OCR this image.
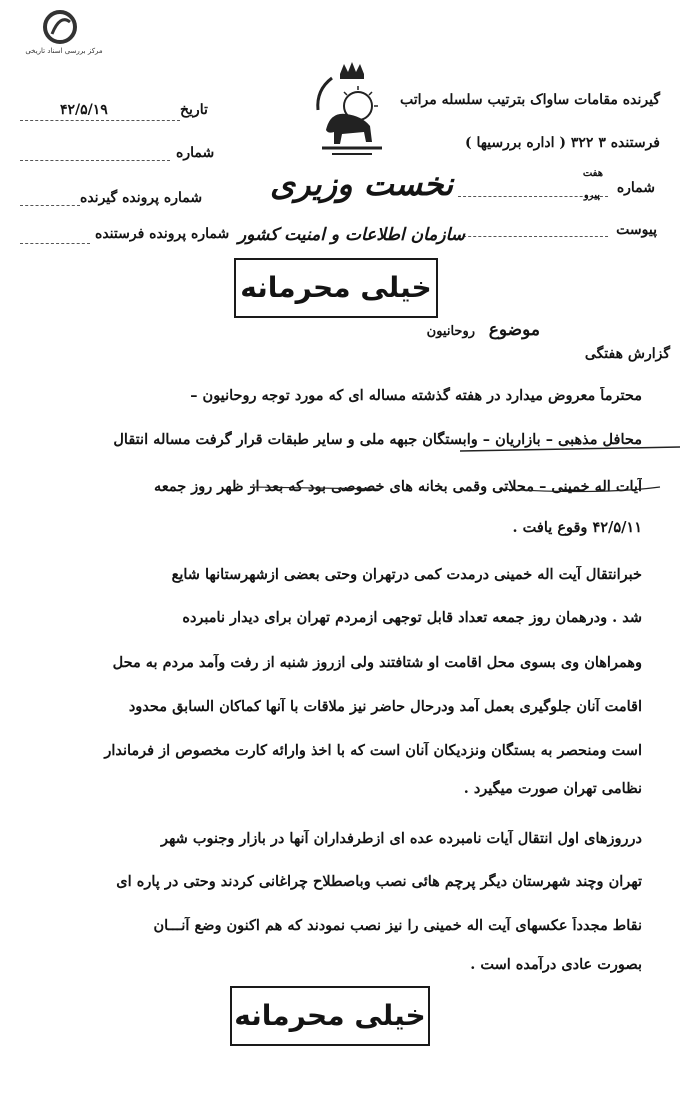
مرکز بررسی اسناد تاریخی
گیرنده مقامات ساواک بترتیب سلسله مراتب
فرستنده ۳ ۳۲۲ ( اداره بررسیها )
شماره
هفت
پیرو
پیوست
تاریخ
۴۲/۵/۱۹
شماره
شماره پرونده گیرنده
شماره پرونده فرستنده
نخست وزیری
سازمان اطلاعات و امنیت کشور
خیلی محرمانه
موضوع
روحانیون
گزارش هفتگی
محترماً معروض میدارد در هفته گذشته مساله ای که مورد توجه روحانیون –
محافل مذهبی – بازاریان – وابستگان جبهه ملی و سایر طبقات قرار گرفت مساله انتقال
آیات اله خمینی – محلاتی وقمی بخانه های خصوصی بود که بعد از ظهر روز جمعه
۴۲/۵/۱۱ وقوع یافت .
خبرانتقال آیت اله خمینی درمدت کمی درتهران وحتی بعضی ازشهرستانها شایع
شد . ودرهمان روز جمعه تعداد قابل توجهی ازمردم تهران برای دیدار نامبرده
وهمراهان وی بسوی محل اقامت او شتافتند ولی ازروز شنبه از رفت وآمد مردم به محل
اقامت آنان جلوگیری بعمل آمد ودرحال حاضر نیز ملاقات با آنها کماکان السابق محدود
است ومنحصر به بستگان ونزدیکان آنان است که با اخذ وارائه کارت مخصوص از فرماندار
نظامی تهران صورت میگیرد .
درروزهای اول انتقال آیات نامبرده عده ای ازطرفداران آنها در بازار وجنوب شهر
تهران وچند شهرستان دیگر پرچم هائی نصب وباصطلاح چراغانی کردند وحتی در پاره ای
نقاط مجدداً عکسهای آیت اله خمینی را نیز نصب نمودند که هم اکنون وضع آنـــان
بصورت عادی درآمده است .
خیلی محرمانه
